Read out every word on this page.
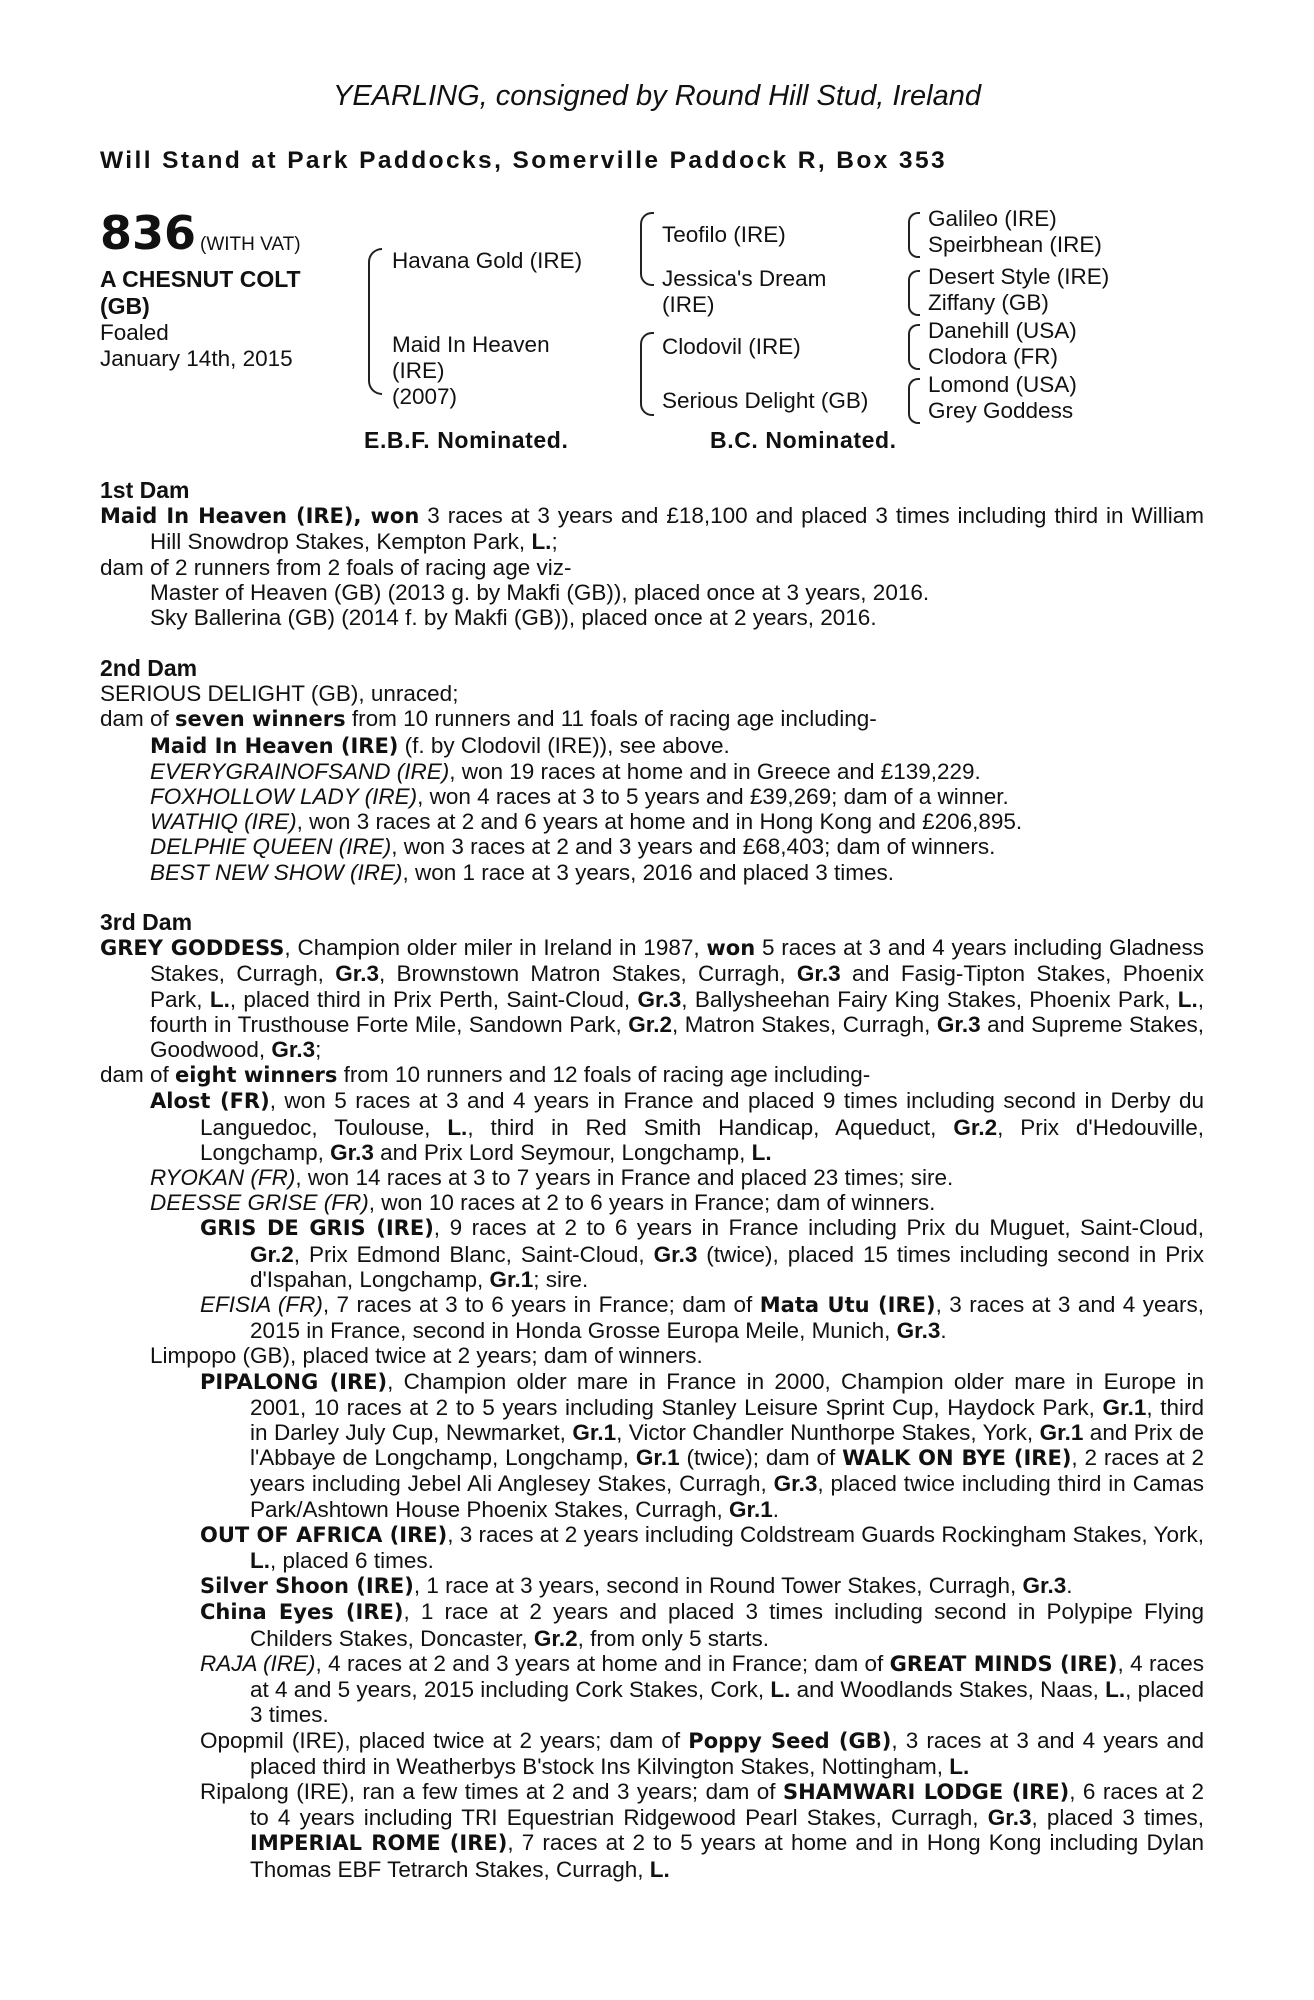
YEARLING, consigned by Round Hill Stud, Ireland
Will Stand at Park Paddocks, Somerville Paddock R, Box 353
836 (WITH VAT)
A CHESNUT COLT
(GB)
Foaled
January 14th, 2015
Havana Gold (IRE)
Maid In Heaven
(IRE)
(2007)
Teofilo (IRE)
Jessica's Dream
(IRE)
Clodovil (IRE)
Serious Delight (GB)
Galileo (IRE)
Speirbhean (IRE)
Desert Style (IRE)
Ziffany (GB)
Danehill (USA)
Clodora (FR)
Lomond (USA)
Grey Goddess
E.B.F. Nominated.	B.C. Nominated.

1st Dam

Maid In Heaven (IRE), won 3 races at 3 years and £18,100 and placed 3 times including third in William Hill Snowdrop Stakes, Kempton Park, L.;

dam of 2 runners from 2 foals of racing age viz-

Master of Heaven (GB) (2013 g. by Makfi (GB)), placed once at 3 years, 2016.

Sky Ballerina (GB) (2014 f. by Makfi (GB)), placed once at 2 years, 2016.

2nd Dam

SERIOUS DELIGHT (GB), unraced;

dam of seven winners from 10 runners and 11 foals of racing age including-

Maid In Heaven (IRE) (f. by Clodovil (IRE)), see above.

EVERYGRAINOFSAND (IRE), won 19 races at home and in Greece and £139,229.

FOXHOLLOW LADY (IRE), won 4 races at 3 to 5 years and £39,269; dam of a winner.

WATHIQ (IRE), won 3 races at 2 and 6 years at home and in Hong Kong and £206,895.

DELPHIE QUEEN (IRE), won 3 races at 2 and 3 years and £68,403; dam of winners.

BEST NEW SHOW (IRE), won 1 race at 3 years, 2016 and placed 3 times.

3rd Dam

GREY GODDESS, Champion older miler in Ireland in 1987, won 5 races at 3 and 4 years including Gladness Stakes, Curragh, Gr.3, Brownstown Matron Stakes, Curragh, Gr.3 and Fasig-Tipton Stakes, Phoenix Park, L., placed third in Prix Perth, Saint-Cloud, Gr.3, Ballysheehan Fairy King Stakes, Phoenix Park, L., fourth in Trusthouse Forte Mile, Sandown Park, Gr.2, Matron Stakes, Curragh, Gr.3 and Supreme Stakes, Goodwood, Gr.3;

dam of eight winners from 10 runners and 12 foals of racing age including-

Alost (FR), won 5 races at 3 and 4 years in France and placed 9 times including second in Derby du Languedoc, Toulouse, L., third in Red Smith Handicap, Aqueduct, Gr.2, Prix d'Hedouville, Longchamp, Gr.3 and Prix Lord Seymour, Longchamp, L.

RYOKAN (FR), won 14 races at 3 to 7 years in France and placed 23 times; sire.

DEESSE GRISE (FR), won 10 races at 2 to 6 years in France; dam of winners.

GRIS DE GRIS (IRE), 9 races at 2 to 6 years in France including Prix du Muguet, Saint-Cloud, Gr.2, Prix Edmond Blanc, Saint-Cloud, Gr.3 (twice), placed 15 times including second in Prix d'Ispahan, Longchamp, Gr.1; sire.

EFISIA (FR), 7 races at 3 to 6 years in France; dam of Mata Utu (IRE), 3 races at 3 and 4 years, 2015 in France, second in Honda Grosse Europa Meile, Munich, Gr.3.

Limpopo (GB), placed twice at 2 years; dam of winners.

PIPALONG (IRE), Champion older mare in France in 2000, Champion older mare in Europe in 2001, 10 races at 2 to 5 years including Stanley Leisure Sprint Cup, Haydock Park, Gr.1, third in Darley July Cup, Newmarket, Gr.1, Victor Chandler Nunthorpe Stakes, York, Gr.1 and Prix de l'Abbaye de Longchamp, Longchamp, Gr.1 (twice); dam of WALK ON BYE (IRE), 2 races at 2 years including Jebel Ali Anglesey Stakes, Curragh, Gr.3, placed twice including third in Camas Park/Ashtown House Phoenix Stakes, Curragh, Gr.1.

OUT OF AFRICA (IRE), 3 races at 2 years including Coldstream Guards Rockingham Stakes, York, L., placed 6 times.

Silver Shoon (IRE), 1 race at 3 years, second in Round Tower Stakes, Curragh, Gr.3.

China Eyes (IRE), 1 race at 2 years and placed 3 times including second in Polypipe Flying Childers Stakes, Doncaster, Gr.2, from only 5 starts.

RAJA (IRE), 4 races at 2 and 3 years at home and in France; dam of GREAT MINDS (IRE), 4 races at 4 and 5 years, 2015 including Cork Stakes, Cork, L. and Woodlands Stakes, Naas, L., placed 3 times.

Opopmil (IRE), placed twice at 2 years; dam of Poppy Seed (GB), 3 races at 3 and 4 years and placed third in Weatherbys B'stock Ins Kilvington Stakes, Nottingham, L.

Ripalong (IRE), ran a few times at 2 and 3 years; dam of SHAMWARI LODGE (IRE), 6 races at 2 to 4 years including TRI Equestrian Ridgewood Pearl Stakes, Curragh, Gr.3, placed 3 times, IMPERIAL ROME (IRE), 7 races at 2 to 5 years at home and in Hong Kong including Dylan Thomas EBF Tetrarch Stakes, Curragh, L.
